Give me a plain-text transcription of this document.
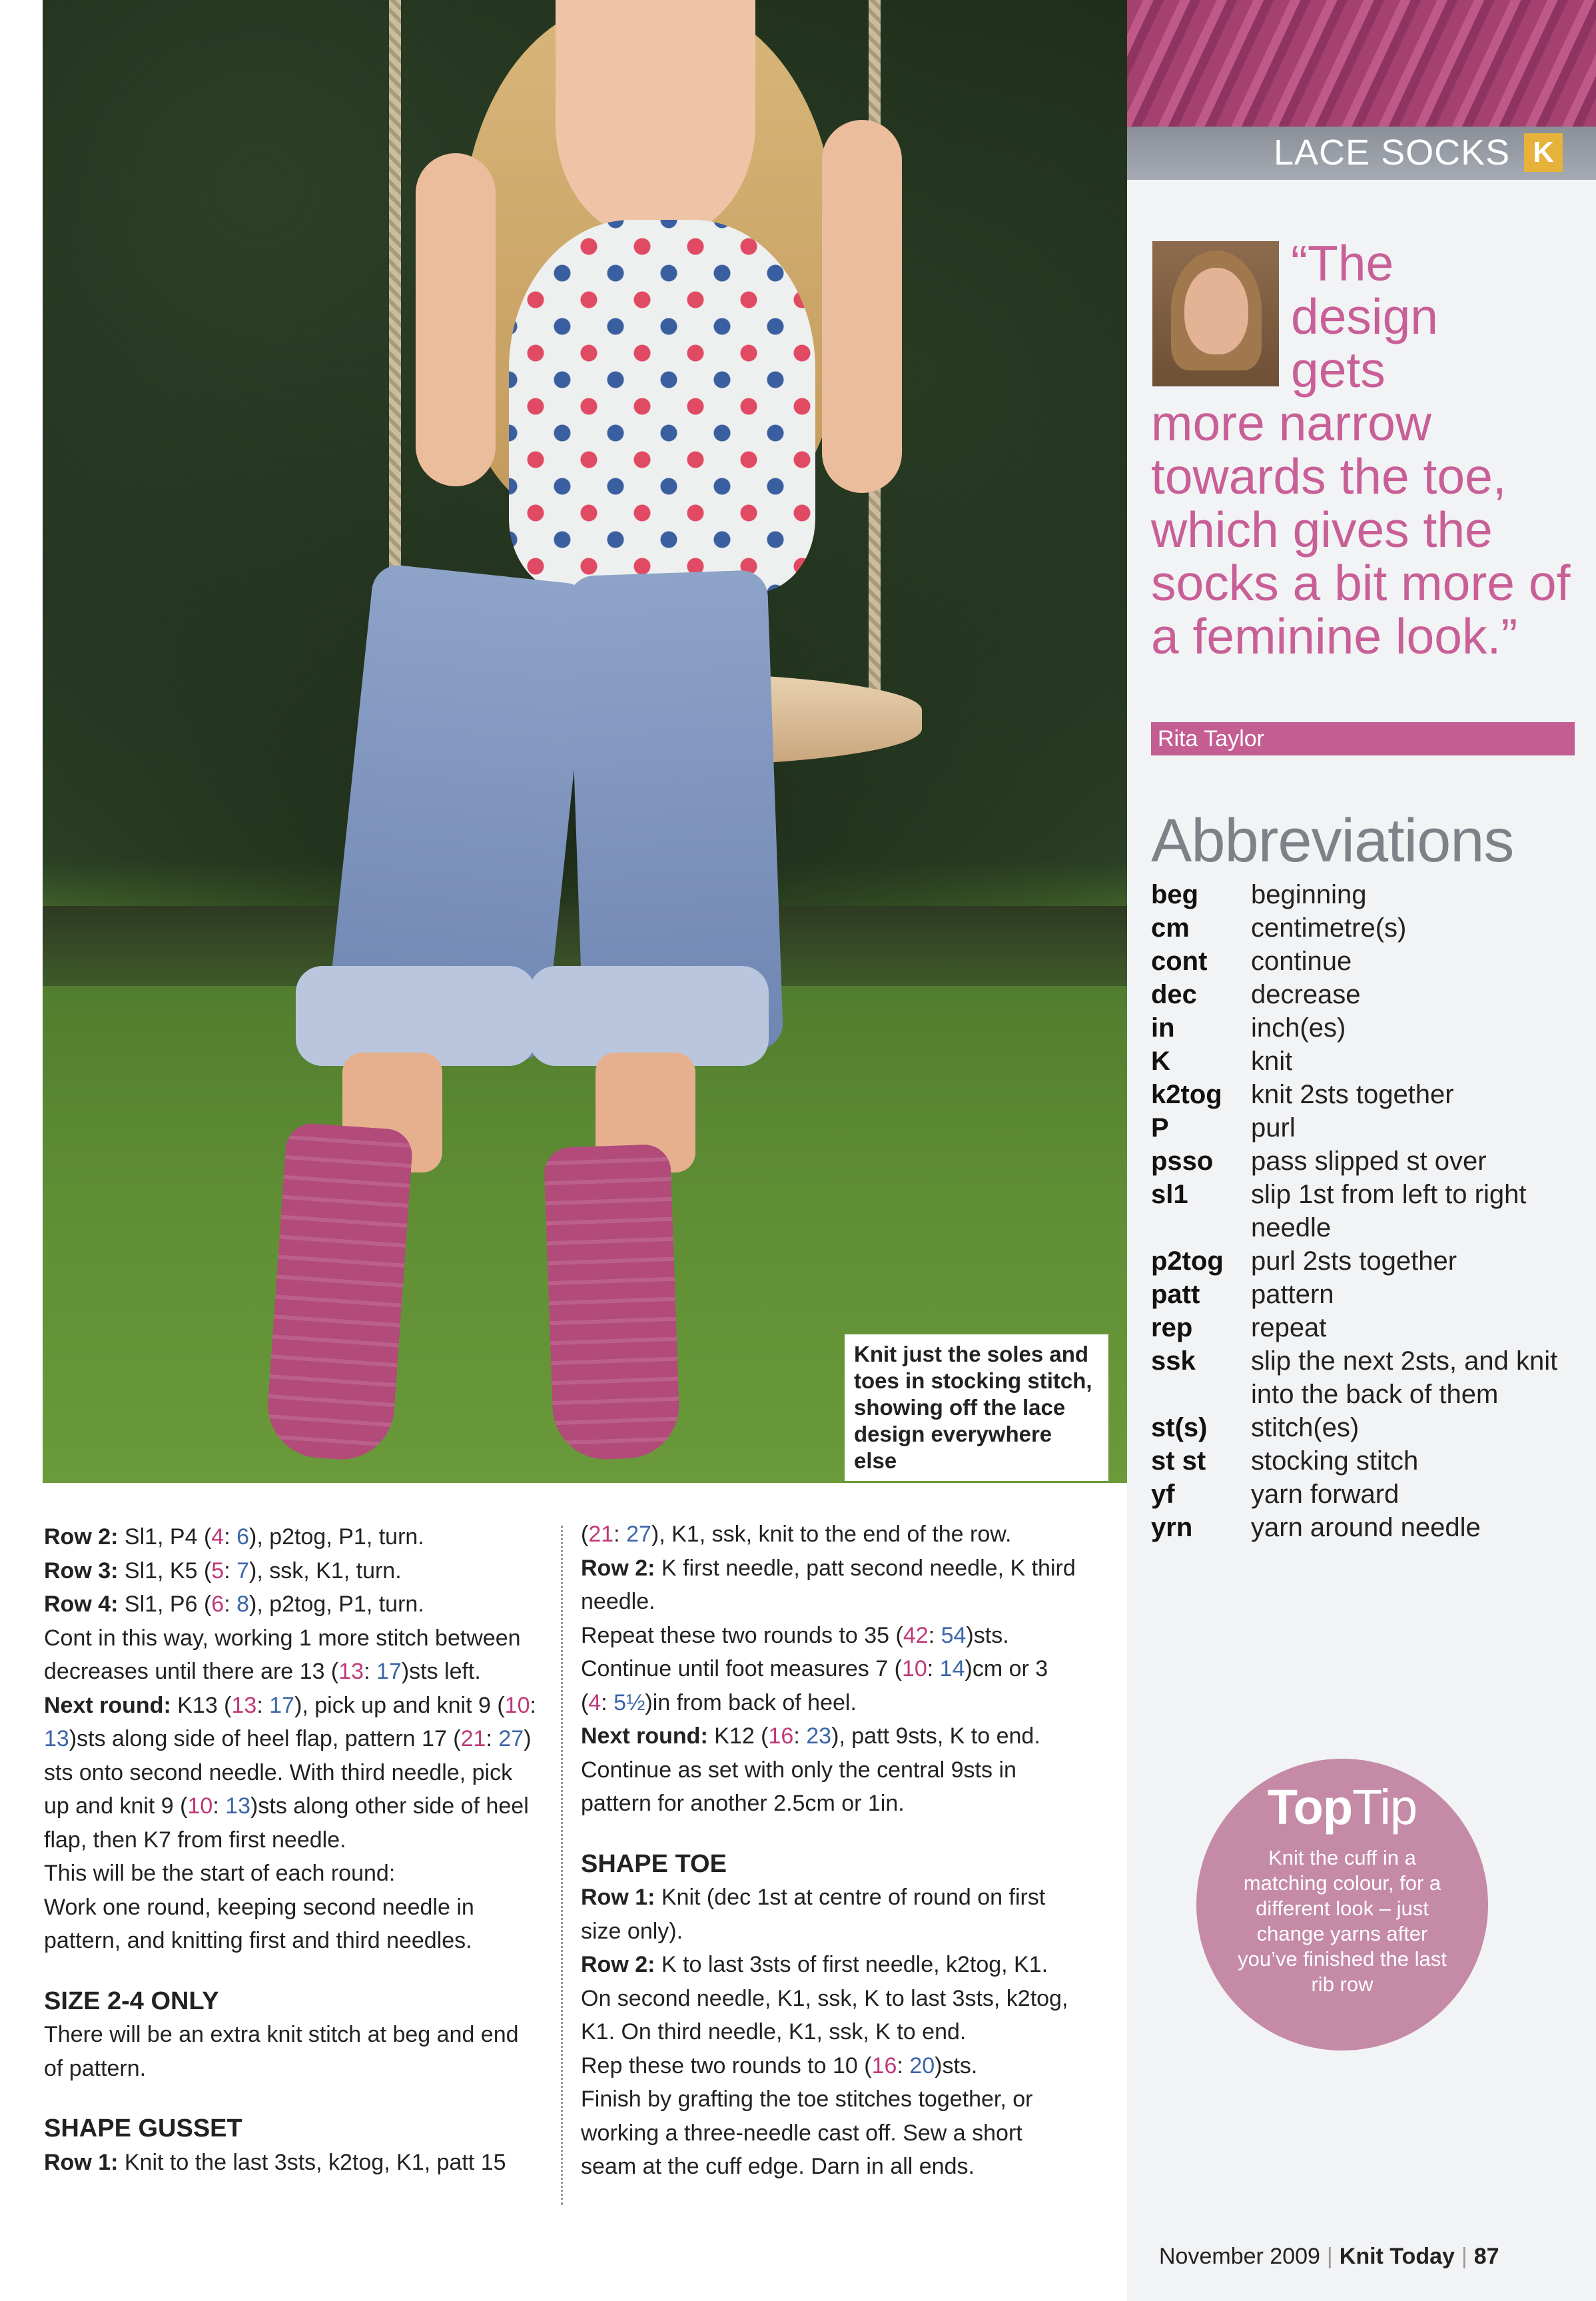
Knit just the soles and toes in stocking stitch, showing off the lace design everywhere else
“The
design
gets
more narrow towards the toe, which gives the socks a bit more of a feminine look.”
Rita Taylor
Abbreviations
beg	beginning
cm	centimetre(s)
cont	continue
dec	decrease
in	inch(es)
K	knit
k2tog	knit 2sts together
P	purl
psso	pass slipped st over
sl1	slip 1st from left to right needle
p2tog	purl 2sts together
patt	pattern
rep	repeat
ssk	slip the next 2sts, and knit into the back of them
st(s)	stitch(es)
st st	stocking stitch
yf	yarn forward
yrn	yarn around needle
LACE SOCKS K
TopTip
Knit the cuff in a matching colour, for a different look – just change yarns after you’ve finished the last rib row
November 2009 | Knit Today | 87

Row 2: Sl1, P4 (4: 6), p2tog, P1, turn.

Row 3: Sl1, K5 (5: 7), ssk, K1, turn.

Row 4: Sl1, P6 (6: 8), p2tog, P1, turn.

Cont in this way, working 1 more stitch between decreases until there are 13 (13: 17)sts left.

Next round: K13 (13: 17), pick up and knit 9 (10: 13)sts along side of heel flap, pattern 17 (21: 27) sts onto second needle. With third needle, pick up and knit 9 (10: 13)sts along other side of heel flap, then K7 from first needle.

This will be the start of each round:

Work one round, keeping second needle in pattern, and knitting first and third needles.

SIZE 2-4 ONLY

There will be an extra knit stitch at beg and end of pattern.

SHAPE GUSSET

Row 1: Knit to the last 3sts, k2tog, K1, patt 15

(21: 27), K1, ssk, knit to the end of the row.

Row 2: K first needle, patt second needle, K third needle.

Repeat these two rounds to 35 (42: 54)sts.

Continue until foot measures 7 (10: 14)cm or 3 (4: 5½)in from back of heel.

Next round: K12 (16: 23), patt 9sts, K to end.

Continue as set with only the central 9sts in pattern for another 2.5cm or 1in.

SHAPE TOE

Row 1: Knit (dec 1st at centre of round on first size only).

Row 2: K to last 3sts of first needle, k2tog, K1. On second needle, K1, ssk, K to last 3sts, k2tog, K1. On third needle, K1, ssk, K to end.

Rep these two rounds to 10 (16: 20)sts.

Finish by grafting the toe stitches together, or working a three-needle cast off. Sew a short seam at the cuff edge. Darn in all ends.
